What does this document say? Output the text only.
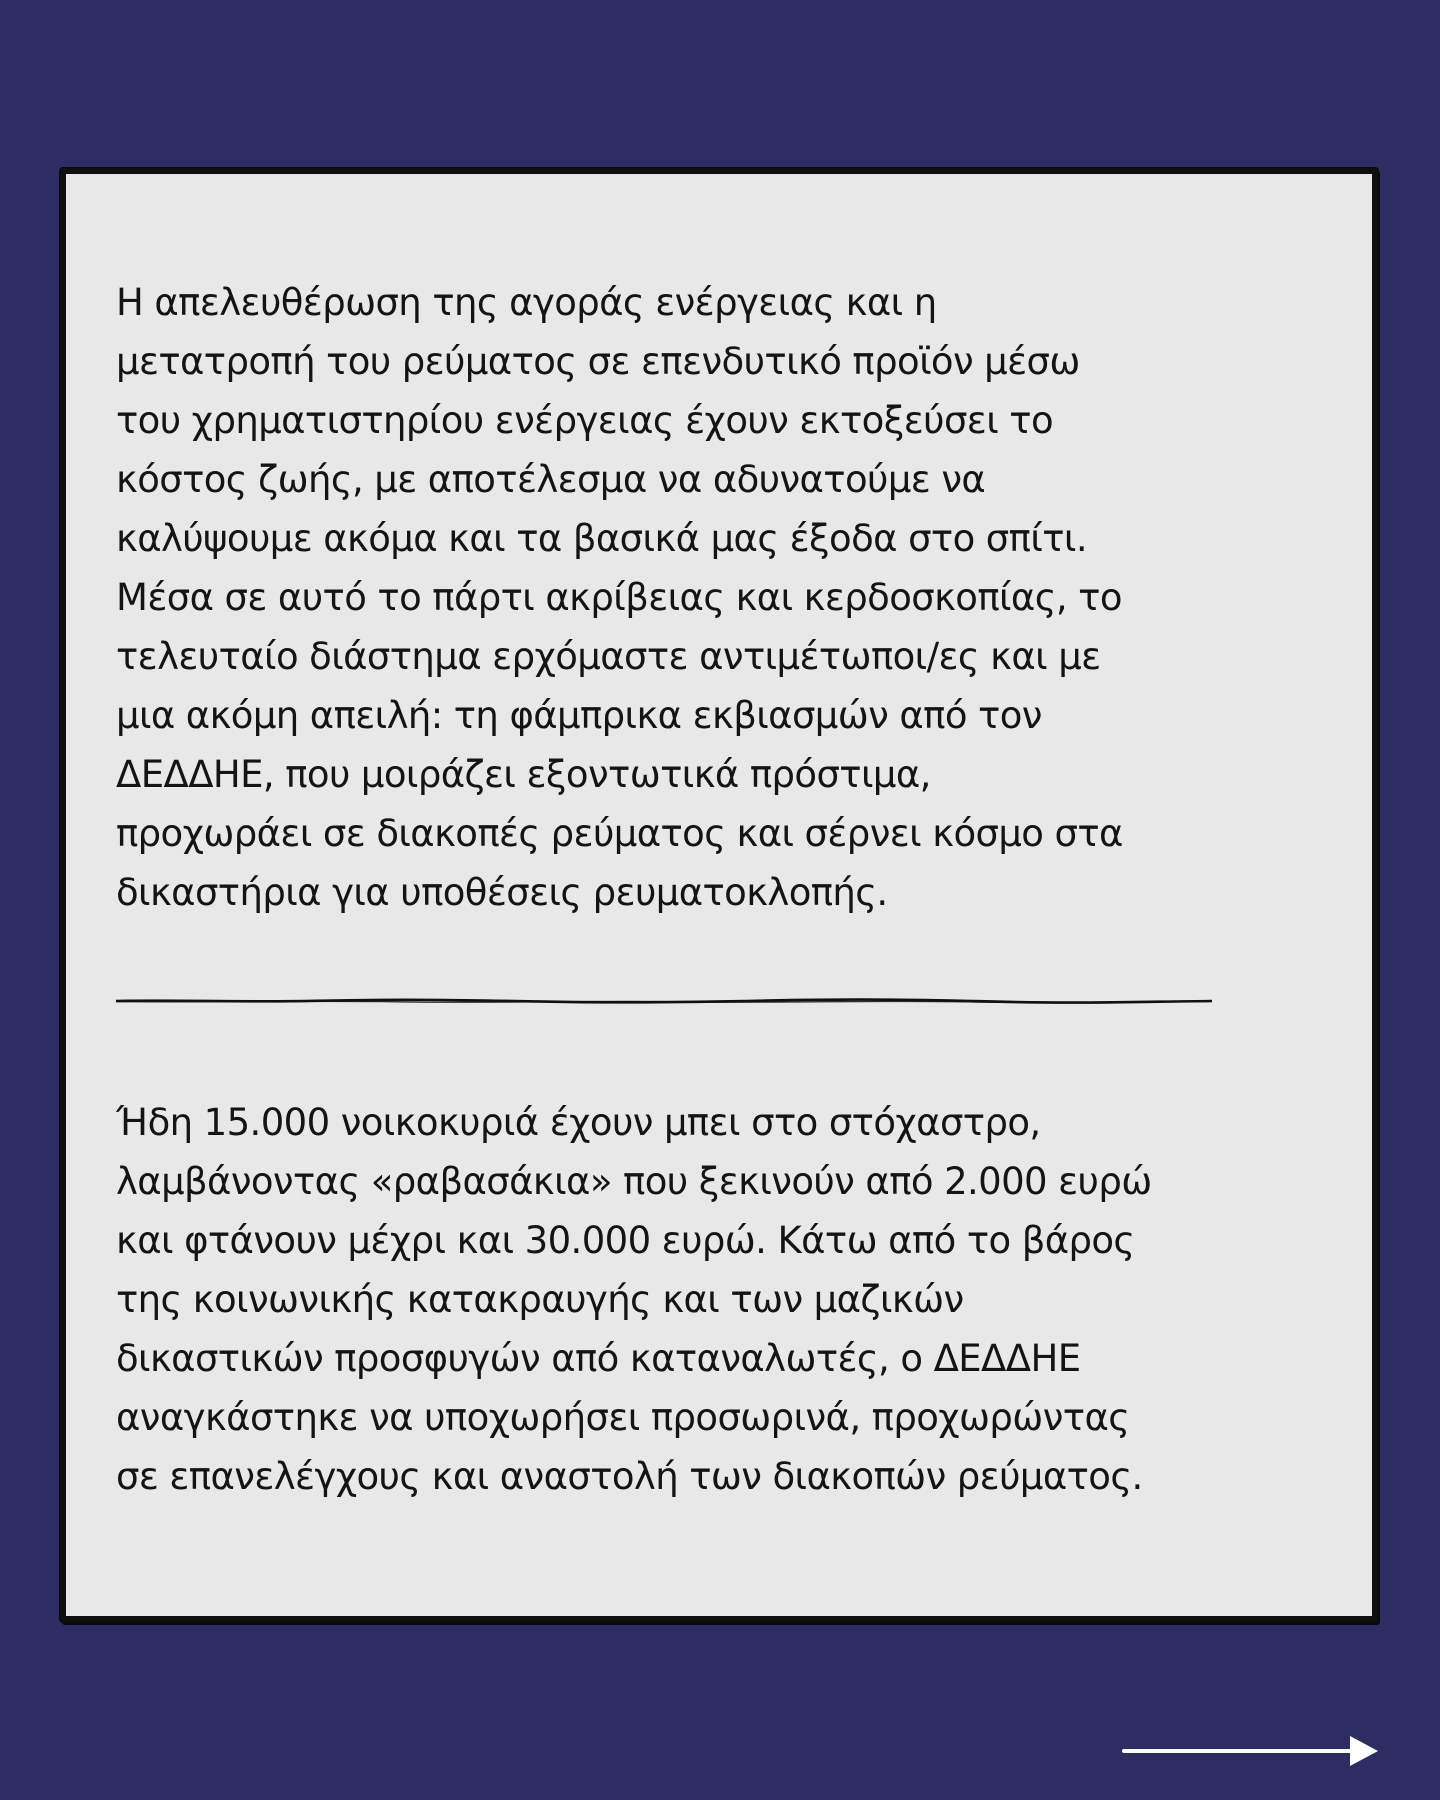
Η απελευθέρωση της αγοράς ενέργειας και η
μετατροπή του ρεύματος σε επενδυτικό προϊόν μέσω
του χρηματιστηρίου ενέργειας έχουν εκτοξεύσει το
κόστος ζωής, με αποτέλεσμα να αδυνατούμε να
καλύψουμε ακόμα και τα βασικά μας έξοδα στο σπίτι.
Μέσα σε αυτό το πάρτι ακρίβειας και κερδοσκοπίας, το
τελευταίο διάστημα ερχόμαστε αντιμέτωποι/ες και με
μια ακόμη απειλή: τη φάμπρικα εκβιασμών από τον
ΔΕΔΔΗΕ, που μοιράζει εξοντωτικά πρόστιμα,
προχωράει σε διακοπές ρεύματος και σέρνει κόσμο στα
δικαστήρια για υποθέσεις ρευματοκλοπής.

Ήδη 15.000 νοικοκυριά έχουν μπει στο στόχαστρο,
λαμβάνοντας «ραβασάκια» που ξεκινούν από 2.000 ευρώ
και φτάνουν μέχρι και 30.000 ευρώ. Κάτω από το βάρος
της κοινωνικής κατακραυγής και των μαζικών
δικαστικών προσφυγών από καταναλωτές, ο ΔΕΔΔΗΕ
αναγκάστηκε να υποχωρήσει προσωρινά, προχωρώντας
σε επανελέγχους και αναστολή των διακοπών ρεύματος.
